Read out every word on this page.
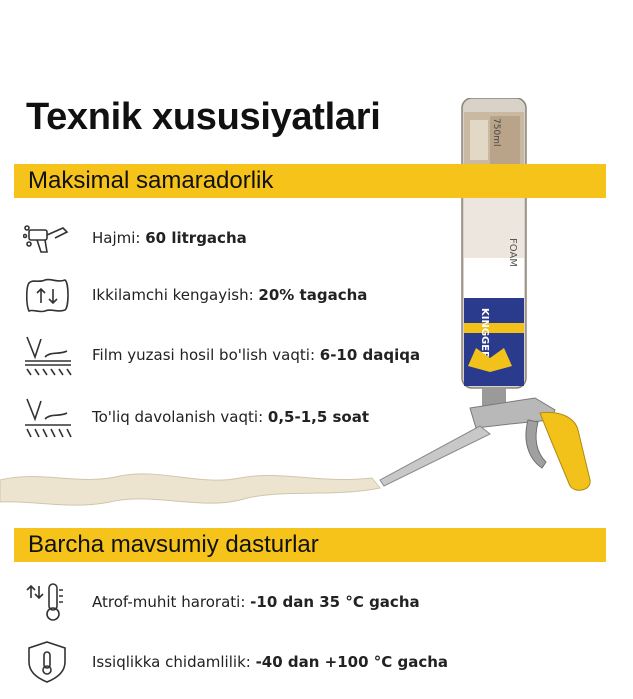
Texnik xususiyatlari	750ml
FOAM
KINGGER
Maksimal samaradorlik
Hajmi: 60 litrgacha
Ikkilamchi kengayish: 20% tagacha
Film yuzasi hosil bo'lish vaqti: 6-10 daqiqa
To'liq davolanish vaqti: 0,5-1,5 soat
Barcha mavsumiy dasturlar
Atrof-muhit harorati: -10 dan 35 °C gacha
Issiqlikka chidamlilik: -40 dan +100 °C gacha
